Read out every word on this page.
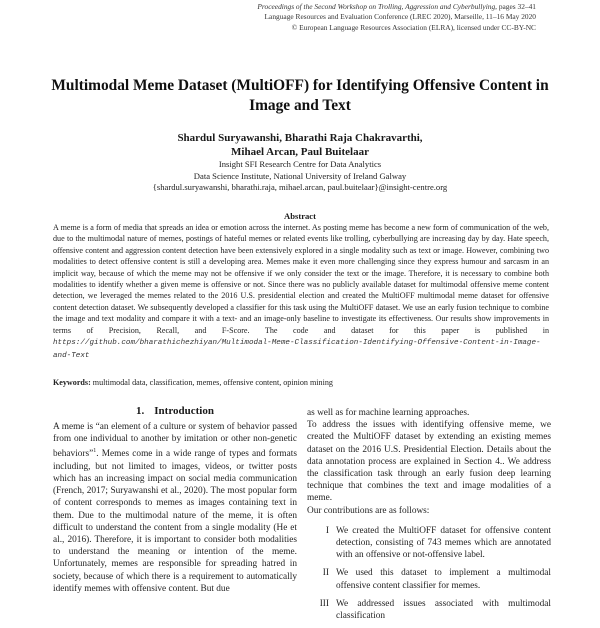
Proceedings of the Second Workshop on Trolling, Aggression and Cyberbullying, pages 32–41
Language Resources and Evaluation Conference (LREC 2020), Marseille, 11–16 May 2020
© European Language Resources Association (ELRA), licensed under CC-BY-NC
Multimodal Meme Dataset (MultiOFF) for Identifying Offensive Content in
Image and Text
Shardul Suryawanshi, Bharathi Raja Chakravarthi,
Mihael Arcan, Paul Buitelaar
Insight SFI Research Centre for Data Analytics
Data Science Institute, National University of Ireland Galway
{shardul.suryawanshi, bharathi.raja, mihael.arcan, paul.buitelaar}@insight-centre.org
Abstract
A meme is a form of media that spreads an idea or emotion across the internet. As posting meme has become a new form of communication of the web, due to the multimodal nature of memes, postings of hateful memes or related events like trolling, cyberbullying are increasing day by day. Hate speech, offensive content and aggression content detection have been extensively explored in a single modality such as text or image. However, combining two modalities to detect offensive content is still a developing area. Memes make it even more challenging since they express humour and sarcasm in an implicit way, because of which the meme may not be offensive if we only consider the text or the image. Therefore, it is necessary to combine both modalities to identify whether a given meme is offensive or not. Since there was no publicly available dataset for multimodal offensive meme content detection, we leveraged the memes related to the 2016 U.S. presidential election and created the MultiOFF multimodal meme dataset for offensive content detection dataset. We subsequently developed a classifier for this task using the MultiOFF dataset. We use an early fusion technique to combine the image and text modality and compare it with a text- and an image-only baseline to investigate its effectiveness. Our results show improvements in terms of Precision, Recall, and F-Score. The code and dataset for this paper is published in https://github.com/bharathichezhiyan/Multimodal-Meme-Classification-Identifying-Offensive-Content-in-Image-and-Text
Keywords: multimodal data, classification, memes, offensive content, opinion mining
1. Introduction

A meme is “an element of a culture or system of behavior passed from one individual to another by imitation or other non-genetic behaviors”$^1$. Memes come in a wide range of types and formats including, but not limited to images, videos, or twitter posts which has an increasing impact on social media communication (French, 2017; Suryawanshi et al., 2020). The most popular form of content corresponds to memes as images containing text in them. Due to the multimodal nature of the meme, it is often difficult to understand the content from a single modality (He et al., 2016). Therefore, it is important to consider both modalities to understand the meaning or intention of the meme. Unfortunately, memes are responsible for spreading hatred in society, because of which there is a requirement to automatically identify memes with offensive content. But due

as well as for machine learning approaches.

To address the issues with identifying offensive meme, we created the MultiOFF dataset by extending an existing memes dataset on the 2016 U.S. Presidential Election. Details about the data annotation process are explained in Section 4.. We address the classification task through an early fusion deep learning technique that combines the text and image modalities of a meme.

Our contributions are as follows:

I We created the MultiOFF dataset for offensive content detection, consisting of 743 memes which are annotated with an offensive or not-offensive label.
II We used this dataset to implement a multimodal offensive content classifier for memes.
III We addressed issues associated with multimodal classification
